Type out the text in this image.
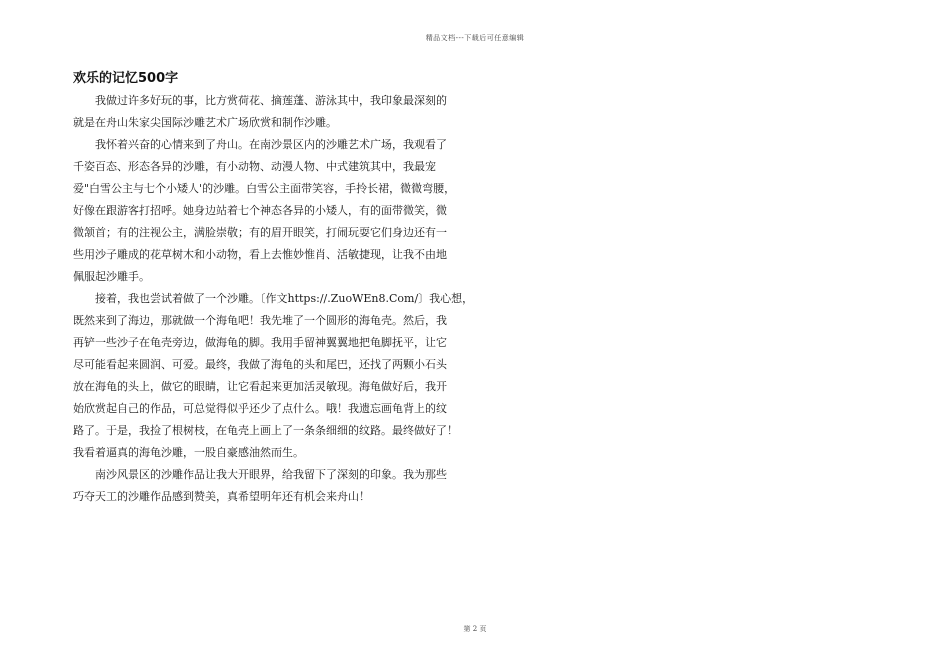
精品文档---下载后可任意编辑
欢乐的记忆500字
我做过许多好玩的事，比方赏荷花、摘莲蓬、游泳其中，我印象最深刻的
就是在舟山朱家尖国际沙雕艺术广场欣赏和制作沙雕。
我怀着兴奋的心情来到了舟山。在南沙景区内的沙雕艺术广场，我观看了
千姿百态、形态各异的沙雕，有小动物、动漫人物、中式建筑其中，我最宠
爱"白雪公主与七个小矮人'的沙雕。白雪公主面带笑容，手拎长裙，微微弯腰，
好像在跟游客打招呼。她身边站着七个神态各异的小矮人，有的面带微笑，微
微颔首；有的注视公主，满脸崇敬；有的眉开眼笑，打闹玩耍它们身边还有一
些用沙子雕成的花草树木和小动物，看上去惟妙惟肖、活敏捷现，让我不由地
佩服起沙雕手。
接着，我也尝试着做了一个沙雕。〔作文https://.ZuoWEn8.Com/〕我心想，
既然来到了海边，那就做一个海龟吧！我先堆了一个圆形的海龟壳。然后，我
再铲一些沙子在龟壳旁边，做海龟的脚。我用手留神翼翼地把龟脚抚平，让它
尽可能看起来圆润、可爱。最终，我做了海龟的头和尾巴，还找了两颗小石头
放在海龟的头上，做它的眼睛，让它看起来更加活灵敏现。海龟做好后，我开
始欣赏起自己的作品，可总觉得似乎还少了点什么。哦！我遗忘画龟背上的纹
路了。于是，我捡了根树枝，在龟壳上画上了一条条细细的纹路。最终做好了！
我看着逼真的海龟沙雕，一股自豪感油然而生。
南沙风景区的沙雕作品让我大开眼界，给我留下了深刻的印象。我为那些
巧夺天工的沙雕作品感到赞美，真希望明年还有机会来舟山！
第 2 页
